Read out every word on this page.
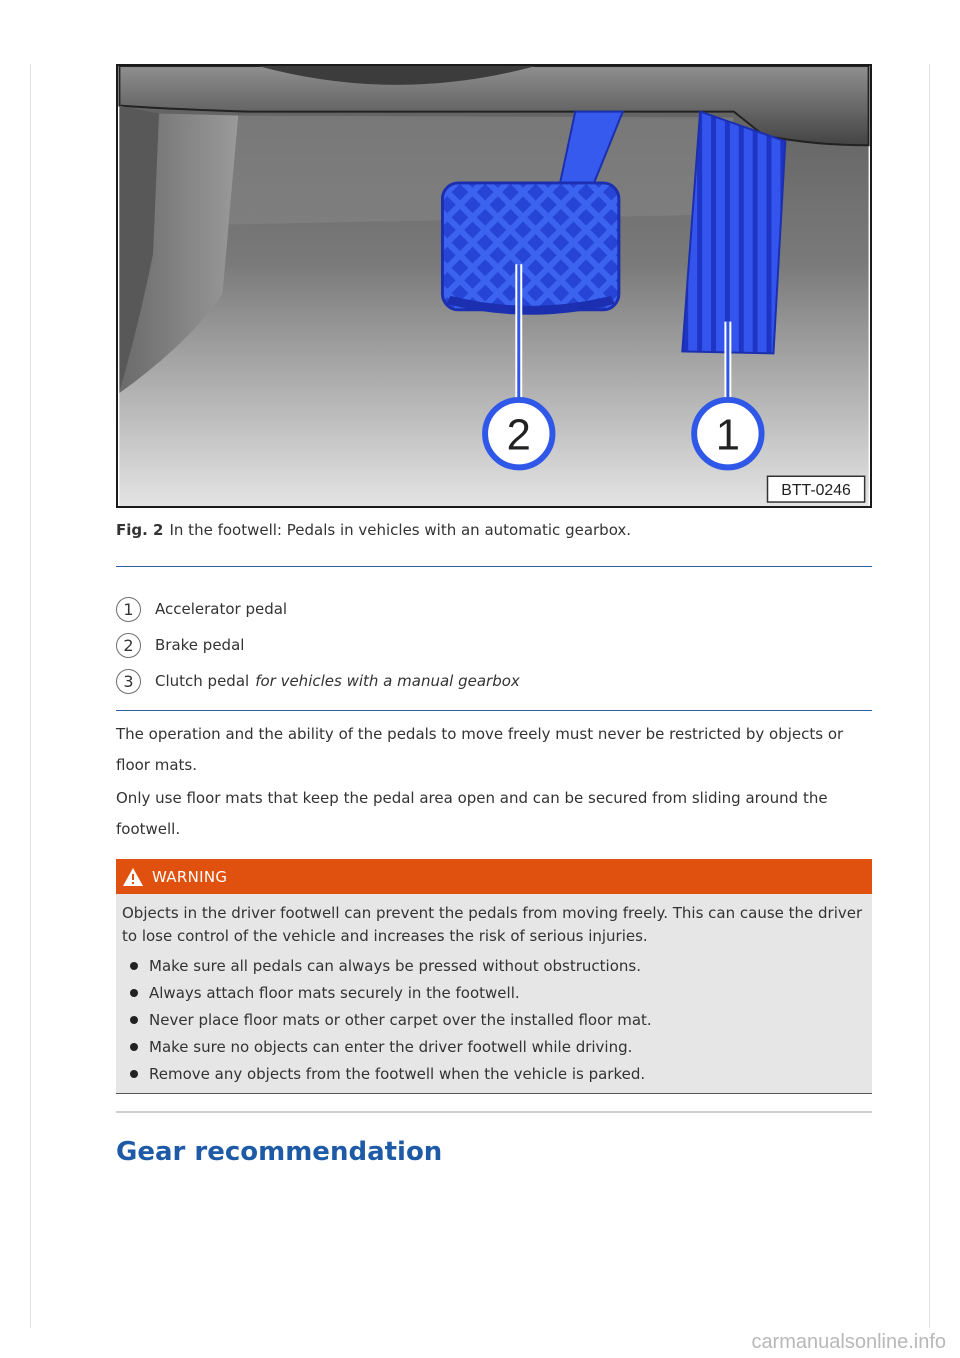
2	1
BTT-0246
Fig. 2 In the footwell: Pedals in vehicles with an automatic gearbox.
1	Accelerator pedal
2	Brake pedal
3	Clutch pedal for vehicles with a manual gearbox

The operation and the ability of the pedals to move freely must never be restricted by objects or floor mats.

Only use floor mats that keep the pedal area open and can be secured from sliding around the footwell.

WARNING

Objects in the driver footwell can prevent the pedals from moving freely. This can cause the driver to lose control of the vehicle and increases the risk of serious injuries.

Make sure all pedals can always be pressed without obstructions.
Always attach floor mats securely in the footwell.
Never place floor mats or other carpet over the installed floor mat.
Make sure no objects can enter the driver footwell while driving.
Remove any objects from the footwell when the vehicle is parked.
Gear recommendation
carmanualsonline.info
